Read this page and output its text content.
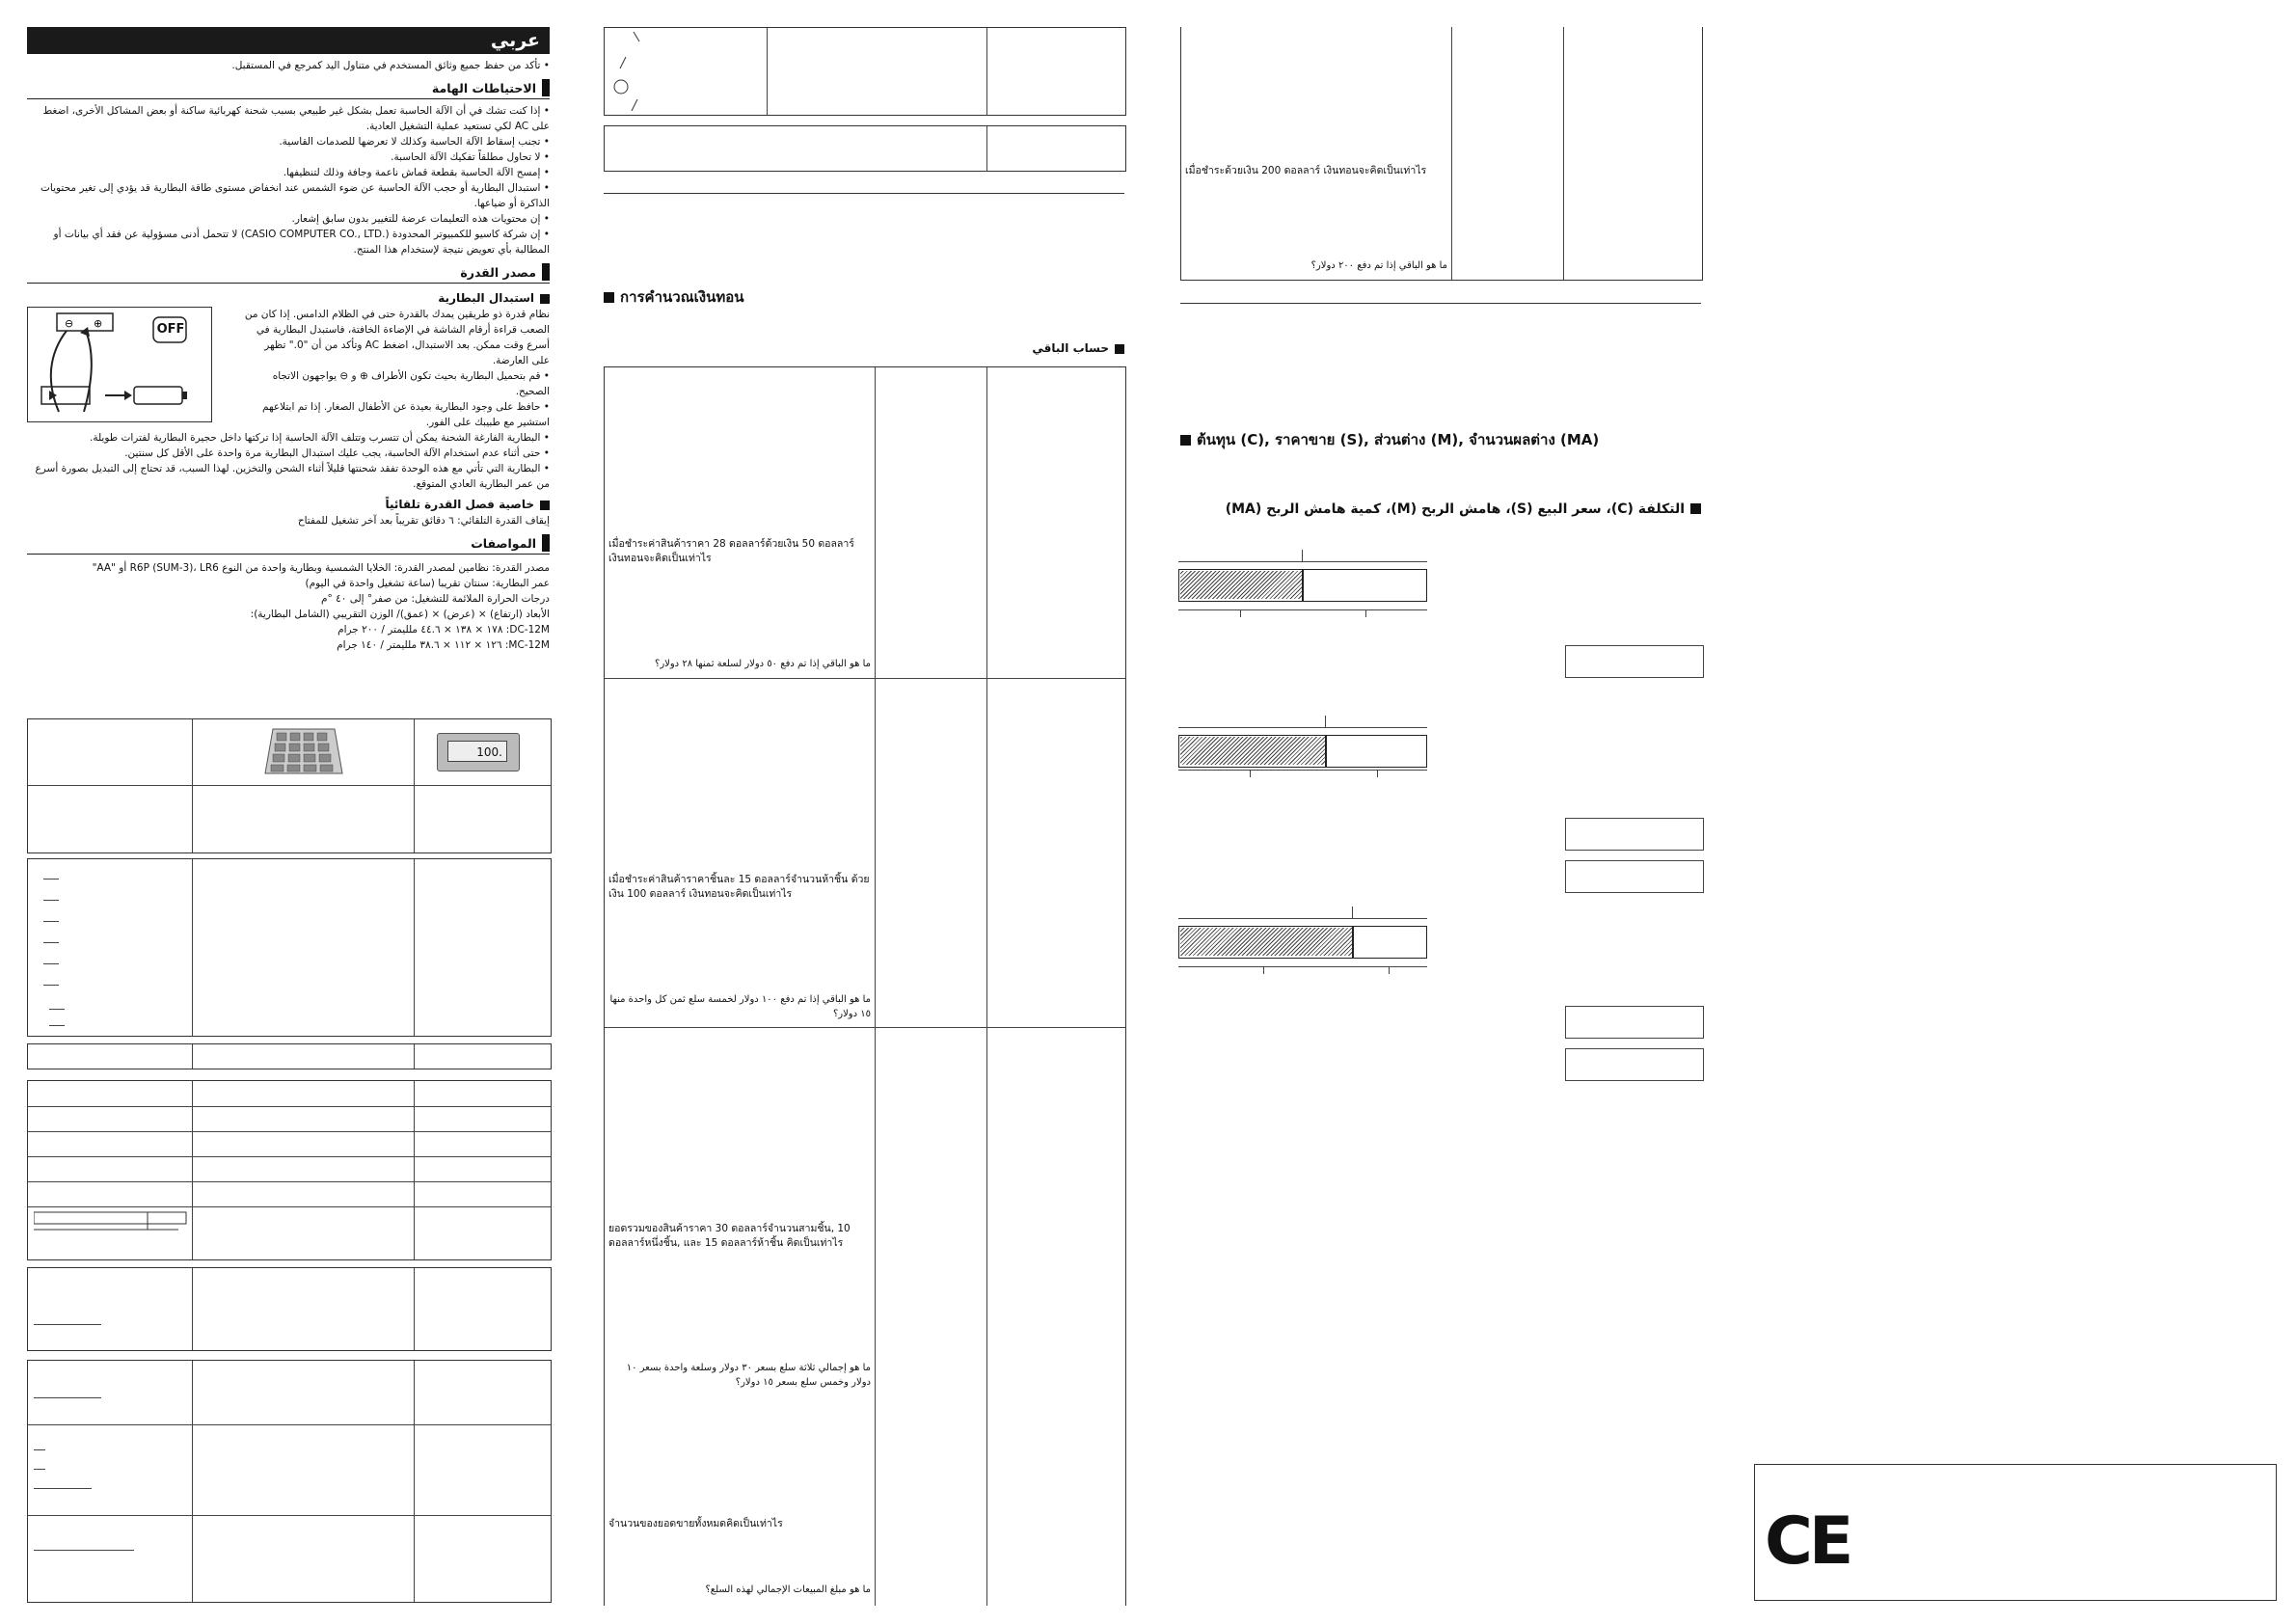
عربي

• تأكد من حفظ جميع وثائق المستخدم في متناول اليد كمرجع في المستقبل.

الاحتياطات الهامة

• إذا كنت تشك في أن الآلة الحاسبة تعمل بشكل غير طبيعي بسبب شحنة كهربائية ساكنة أو بعض المشاكل الأخرى، اضغط

على AC لكي تستعيد عملية التشغيل العادية.

• تجنب إسقاط الآلة الحاسبة وكذلك لا تعرضها للصدمات القاسية.

• لا تحاول مطلقاً تفكيك الآلة الحاسبة.

• إمسح الآلة الحاسبة بقطعة قماش ناعمة وجافة وذلك لتنظيفها.

• استبدال البطارية أو حجب الآلة الحاسبة عن ضوء الشمس عند انخفاض مستوى طاقة البطارية قد يؤدي إلى تغير محتويات

الذاكرة أو ضياعها.

• إن محتويات هذه التعليمات عرضة للتغيير بدون سابق إشعار.

• إن شركة كاسيو للكمبيوتر المحدودة (.CASIO COMPUTER CO., LTD) لا تتحمل أدنى مسؤولية عن فقد أي بيانات أو

المطالبة بأي تعويض نتيجة لإستخدام هذا المنتج.

مصدر القدرة
استبدال البطارية
⊖ ⊕	OFF

نظام قدرة ذو طريقين يمدك بالقدرة حتى في الظلام الدامس. إذا كان من

الصعب قراءة أرقام الشاشة في الإضاءة الخافتة، فاستبدل البطارية في

أسرع وقت ممكن. بعد الاستبدال، اضغط AC وتأكد من أن "0." تظهر

على العارضة.

• قم بتحميل البطارية بحيث تكون الأطراف ⊕ و ⊖ يواجهون الاتجاه

الصحيح.

• حافظ على وجود البطارية بعيدة عن الأطفال الصغار. إذا تم ابتلاعهم

استشير مع طبيبك على الفور.

• البطارية الفارغة الشحنة يمكن أن تتسرب وتتلف الآلة الحاسبة إذا تركتها داخل حجيرة البطارية لفترات طويلة.

• حتى أثناء عدم استخدام الآلة الحاسبة، يجب عليك استبدال البطارية مرة واحدة على الأقل كل سنتين.

• البطارية التي تأتي مع هذه الوحدة تفقد شحنتها قليلاً أثناء الشحن والتخزين. لهذا السبب، قد تحتاج إلى التبديل بصورة أسرع

من عمر البطارية العادي المتوقع.

خاصية فصل القدرة تلقائياً

إيقاف القدرة التلقائي: ٦ دقائق تقريباً بعد آخر تشغيل للمفتاح

المواصفات

مصدر القدرة: نظامين لمصدر القدرة: الخلايا الشمسية وبطارية واحدة من النوع R6P (SUM-3)، LR6 أو "AA"

عمر البطارية: سنتان تقريبا (ساعة تشغيل واحدة في اليوم)

درجات الحرارة الملائمة للتشغيل: من صفر° إلى ٤٠ °م

الأبعاد (ارتفاع) × (عرض) × (عمق)/ الوزن التقريبي (الشامل البطارية):

DC-12M: ١٧٨ × ١٣٨ × ٤٤.٦ ملليمتر / ٢٠٠ جرام

MC-12M: ١٢٦ × ١١٢ × ٣٨.٦ ملليمتر / ١٤٠ جرام

100.
การคำนวณเงินทอน
حساب الباقي
เมื่อชำระค่าสินค้าราคา 28 ดอลลาร์ด้วยเงิน 50 ดอลลาร์ เงินทอนจะคิดเป็นเท่าไร
ما هو الباقي إذا تم دفع ٥٠ دولار لسلعة ثمنها ٢٨ دولار؟
เมื่อชำระค่าสินค้าราคาชิ้นละ 15 ดอลลาร์จำนวนห้าชิ้น ด้วยเงิน 100 ดอลลาร์ เงินทอนจะคิดเป็นเท่าไร
ما هو الباقي إذا تم دفع ١٠٠ دولار لخمسة سلع ثمن كل واحدة منها ١٥ دولار؟
ยอดรวมของสินค้าราคา 30 ดอลลาร์จำนวนสามชิ้น, 10 ดอลลาร์หนึ่งชิ้น, และ 15 ดอลลาร์ห้าชิ้น คิดเป็นเท่าไร
ما هو إجمالي ثلاثة سلع بسعر ٣٠ دولار وسلعة واحدة بسعر ١٠ دولار وخمس سلع بسعر ١٥ دولار؟
จำนวนของยอดขายทั้งหมดคิดเป็นเท่าไร
ما هو مبلغ المبيعات الإجمالي لهذه السلع؟
เมื่อชำระด้วยเงิน 200 ดอลลาร์ เงินทอนจะคิดเป็นเท่าไร
ما هو الباقي إذا تم دفع ٢٠٠ دولار؟
ต้นทุน (C), ราคาขาย (S), ส่วนต่าง (M), จำนวนผลต่าง (MA)
التكلفة (C)، سعر البيع (S)، هامش الربح (M)، كمية هامش الربح (MA)
CE
